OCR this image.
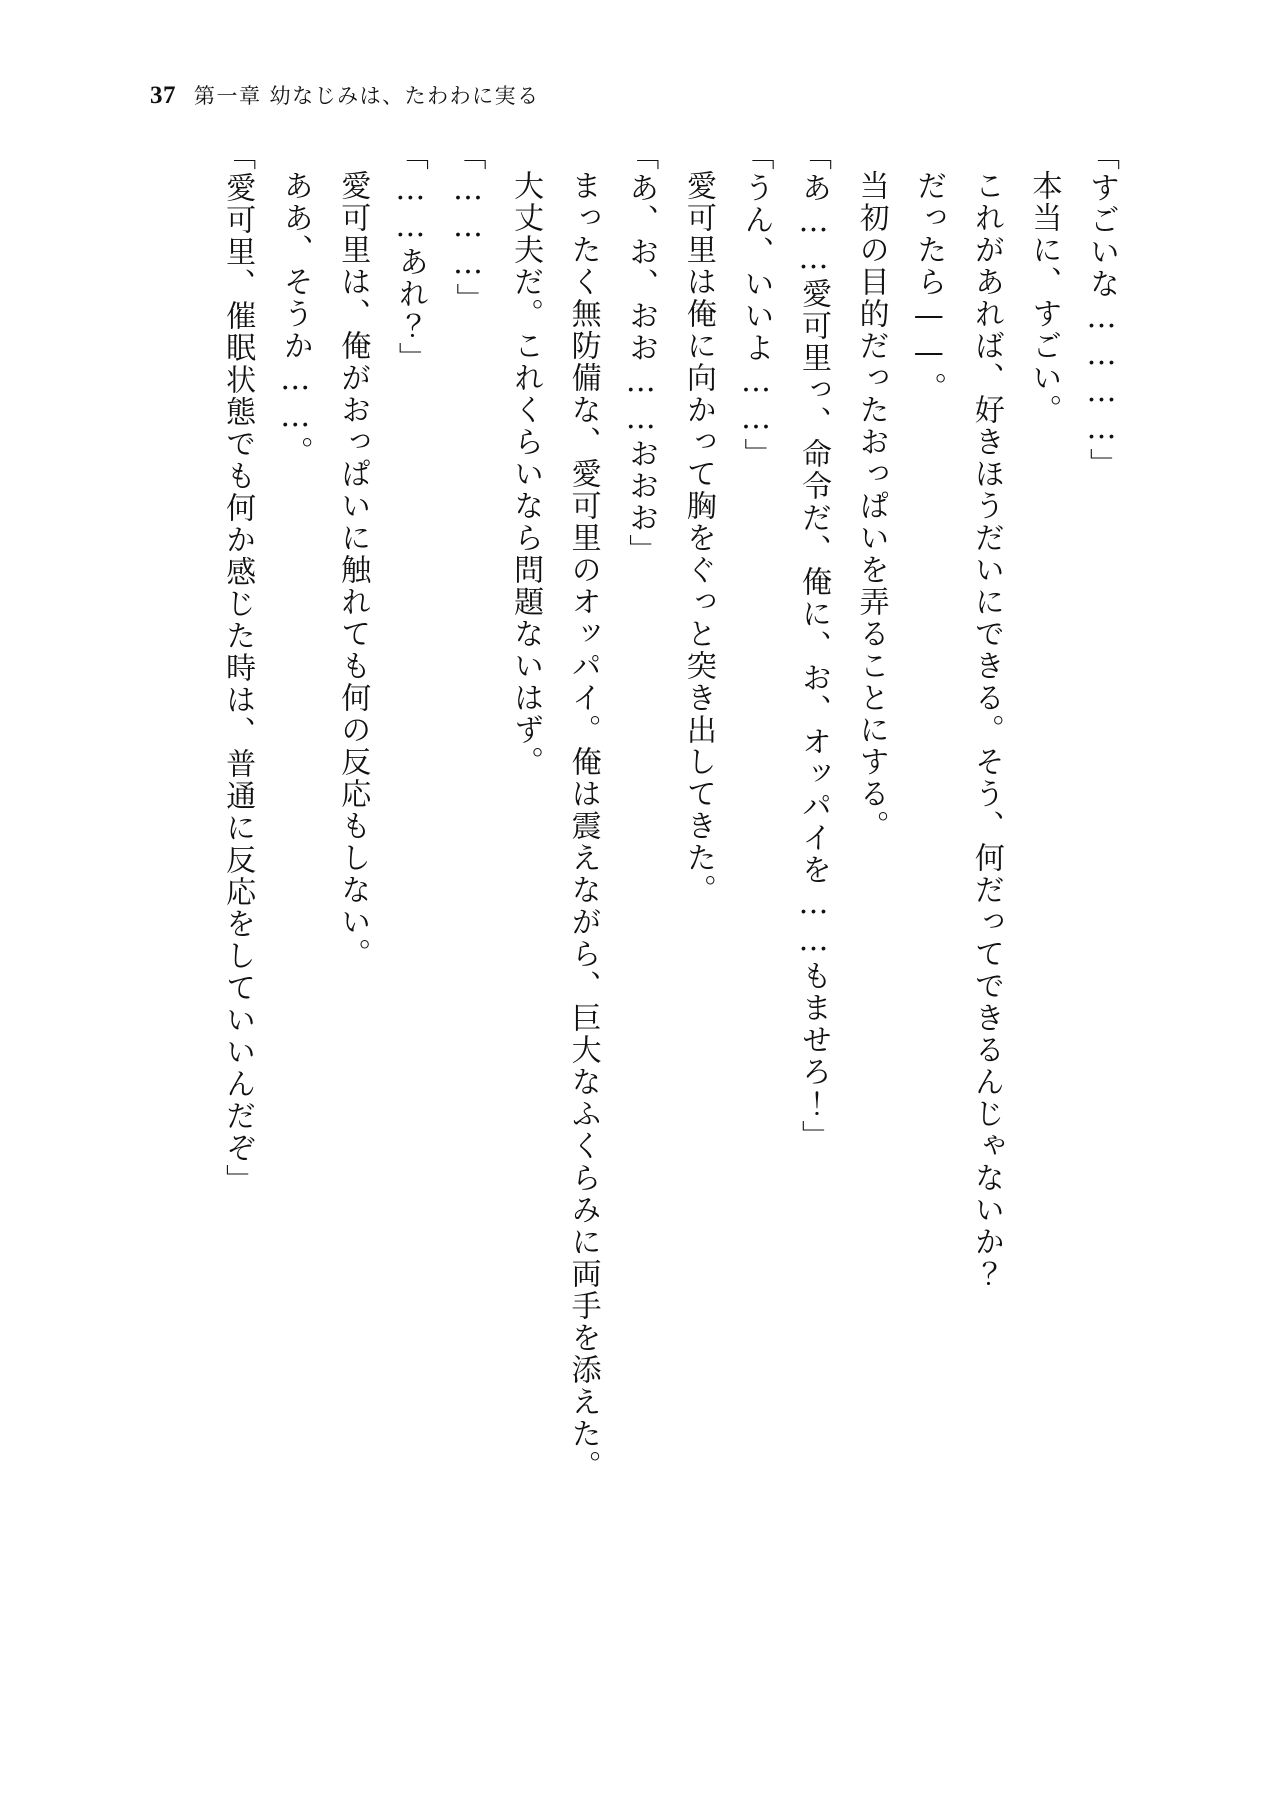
37 第一章 幼なじみは、たわわに実る

「すごいな…………」

本当に、すごい。

これがあれば、好きほうだいにできる。そう、何だってできるんじゃないか？

だったら——。

当初の目的だったおっぱいを弄ることにする。

「あ……愛可里っ、命令だ、俺に、お、オッパイを……もませろ！」

「うん、いいよ……」

愛可里は俺に向かって胸をぐっと突き出してきた。

「あ、お、おお……おおお」

まったく無防備な、愛可里のオッパイ。俺は震えながら、巨大なふくらみに両手を添えた。

大丈夫だ。これくらいなら問題ないはず。

「………」

「……あれ？」

愛可里は、俺がおっぱいに触れても何の反応もしない。

ああ、そうか……。

「愛可里、催眠状態でも何か感じた時は、普通に反応をしていいんだぞ」
